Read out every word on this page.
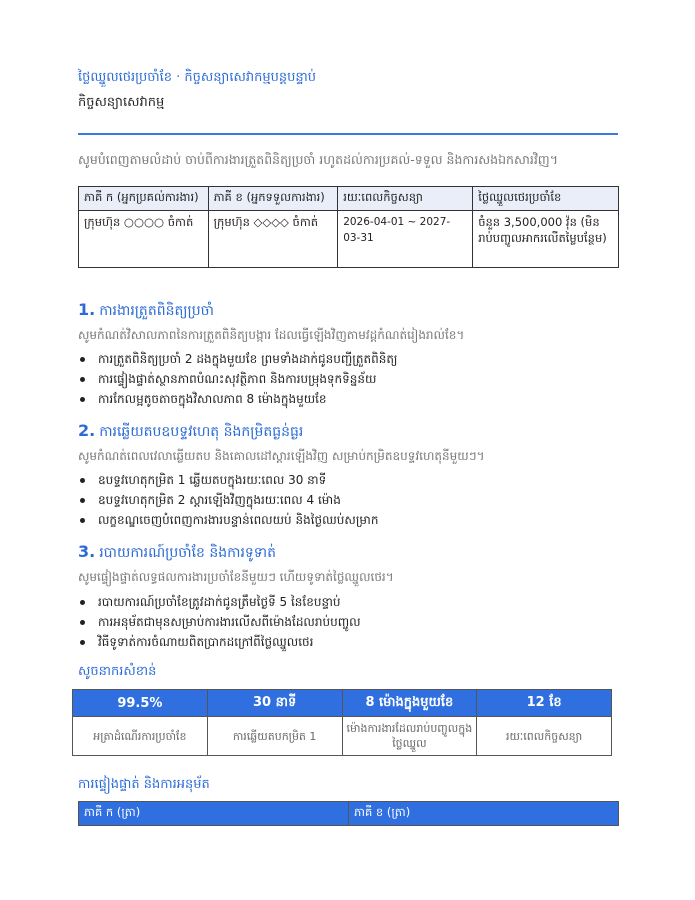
ថ្លៃឈ្នួលថេរប្រចាំខែ · កិច្ចសន្យាសេវាកម្មបន្តបន្ទាប់
កិច្ចសន្យាសេវាកម្ម
សូមបំពេញតាមលំដាប់ ចាប់ពីការងារត្រួតពិនិត្យប្រចាំ រហូតដល់ការប្រគល់-ទទួល និងការសងឯកសារវិញ។
ភាគី ក (អ្នកប្រគល់ការងារ)	ភាគី ខ (អ្នកទទួលការងារ)	រយៈពេលកិច្ចសន្យា	ថ្លៃឈ្នួលថេរប្រចាំខែ
ក្រុមហ៊ុន ○○○○ ចំកាត់	ក្រុមហ៊ុន ◇◇◇◇ ចំកាត់	2026-04-01 ~ 2027-03-31	ចំនួន 3,500,000 វ៉ុន (មិនរាប់បញ្ចូលអាករលើតម្លៃបន្ថែម)
1. ការងារត្រួតពិនិត្យប្រចាំ
សូមកំណត់វិសាលភាពនៃការត្រួតពិនិត្យបង្ការ ដែលធ្វើឡើងវិញតាមវដ្តកំណត់រៀងរាល់ខែ។
ការត្រួតពិនិត្យប្រចាំ 2 ដងក្នុងមួយខែ ព្រមទាំងដាក់ជូនបញ្ជីត្រួតពិនិត្យ
ការផ្ទៀងផ្ទាត់ស្ថានភាពបំណះសុវត្ថិភាព និងការបម្រុងទុកទិន្នន័យ
ការកែលម្អតូចតាចក្នុងវិសាលភាព 8 ម៉ោងក្នុងមួយខែ
2. ការឆ្លើយតបឧបទ្ទវហេតុ និងកម្រិតធ្ងន់ធ្ងរ
សូមកំណត់ពេលវេលាឆ្លើយតប និងគោលដៅស្តារឡើងវិញ សម្រាប់កម្រិតឧបទ្ទវហេតុនីមួយៗ។
ឧបទ្ទវហេតុកម្រិត 1 ឆ្លើយតបក្នុងរយៈពេល 30 នាទី
ឧបទ្ទវហេតុកម្រិត 2 ស្តារឡើងវិញក្នុងរយៈពេល 4 ម៉ោង
លក្ខខណ្ឌចេញបំពេញការងារបន្ទាន់ពេលយប់ និងថ្ងៃឈប់សម្រាក
3. របាយការណ៍ប្រចាំខែ និងការទូទាត់
សូមផ្ទៀងផ្ទាត់លទ្ធផលការងារប្រចាំខែនីមួយៗ ហើយទូទាត់ថ្លៃឈ្នួលថេរ។
របាយការណ៍ប្រចាំខែត្រូវដាក់ជូនត្រឹមថ្ងៃទី 5 នៃខែបន្ទាប់
ការអនុម័តជាមុនសម្រាប់ការងារលើសពីម៉ោងដែលរាប់បញ្ចូល
វិធីទូទាត់ការចំណាយពិតប្រាកដក្រៅពីថ្លៃឈ្នួលថេរ
សូចនាករសំខាន់
99.5%	30 នាទី	8 ម៉ោងក្នុងមួយខែ	12 ខែ
អត្រាដំណើរការប្រចាំខែ	ការឆ្លើយតបកម្រិត 1	ម៉ោងការងារដែលរាប់បញ្ចូលក្នុងថ្លៃឈ្នួល	រយៈពេលកិច្ចសន្យា
ការផ្ទៀងផ្ទាត់ និងការអនុម័ត
ភាគី ក (ត្រា)	ភាគី ខ (ត្រា)
